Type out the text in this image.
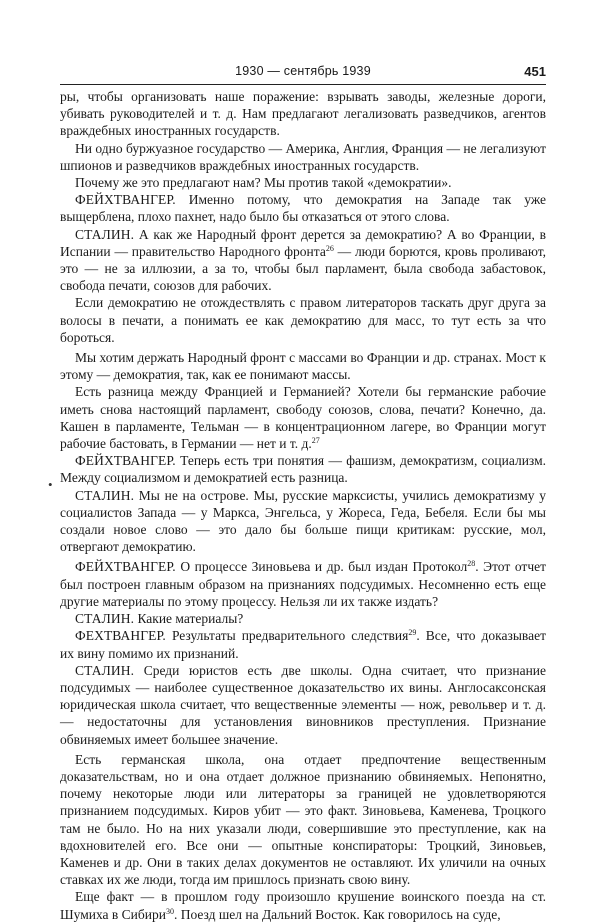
1930 — сентябрь 1939	451
•

ры, чтобы организовать наше поражение: взрывать заводы, железные дороги, убивать руководителей и т. д. Нам предлагают легализовать разведчиков, агентов враждебных иностранных государств.

Ни одно буржуазное государство — Америка, Англия, Франция — не легализуют шпионов и разведчиков враждебных иностранных государств.

Почему же это предлагают нам? Мы против такой «демократии».

ФЕЙХТВАНГЕР. Именно потому, что демократия на Западе так уже выщерблена, плохо пахнет, надо было бы отказаться от этого слова.

СТАЛИН. А как же Народный фронт дерется за демократию? А во Франции, в Испании — правительство Народного фронта$^{26}$ — люди борются, кровь проливают, это — не за иллюзии, а за то, чтобы был парламент, была свобода забастовок, свобода печати, союзов для рабочих.

Если демократию не отождествлять с правом литераторов таскать друг друга за волосы в печати, а понимать ее как демократию для масс, то тут есть за что бороться.

Мы хотим держать Народный фронт с массами во Франции и др. странах. Мост к этому — демократия, так, как ее понимают массы.

Есть разница между Францией и Германией? Хотели бы германские рабочие иметь снова настоящий парламент, свободу союзов, слова, печати? Конечно, да. Кашен в парламенте, Тельман — в концентрационном лагере, во Франции могут рабочие бастовать, в Германии — нет и т. д.$^{27}$

ФЕЙХТВАНГЕР. Теперь есть три понятия — фашизм, демократизм, социализм. Между социализмом и демократией есть разница.

СТАЛИН. Мы не на острове. Мы, русские марксисты, учились демократизму у социалистов Запада — у Маркса, Энгельса, у Жореса, Геда, Бебеля. Если бы мы создали новое слово — это дало бы больше пищи критикам: русские, мол, отвергают демократию.

ФЕЙХТВАНГЕР. О процессе Зиновьева и др. был издан Протокол$^{28}$. Этот отчет был построен главным образом на признаниях подсудимых. Несомненно есть еще другие материалы по этому процессу. Нельзя ли их также издать?

СТАЛИН. Какие материалы?

ФЕХТВАНГЕР. Результаты предварительного следствия$^{29}$. Все, что доказывает их вину помимо их признаний.

СТАЛИН. Среди юристов есть две школы. Одна считает, что признание подсудимых — наиболее существенное доказательство их вины. Англосаксонская юридическая школа считает, что вещественные элементы — нож, револьвер и т. д. — недостаточны для установления виновников преступления. Признание обвиняемых имеет большее значение.

Есть германская школа, она отдает предпочтение вещественным доказательствам, но и она отдает должное признанию обвиняемых. Непонятно, почему некоторые люди или литераторы за границей не удовлетворяются признанием подсудимых. Киров убит — это факт. Зиновьева, Каменева, Троцкого там не было. Но на них указали люди, совершившие это преступление, как на вдохновителей его. Все они — опытные конспираторы: Троцкий, Зиновьев, Каменев и др. Они в таких делах документов не оставляют. Их уличили на очных ставках их же люди, тогда им пришлось признать свою вину.

Еще факт — в прошлом году произошло крушение воинского поезда на ст. Шумиха в Сибири$^{30}$. Поезд шел на Дальний Восток. Как говорилось на суде,
